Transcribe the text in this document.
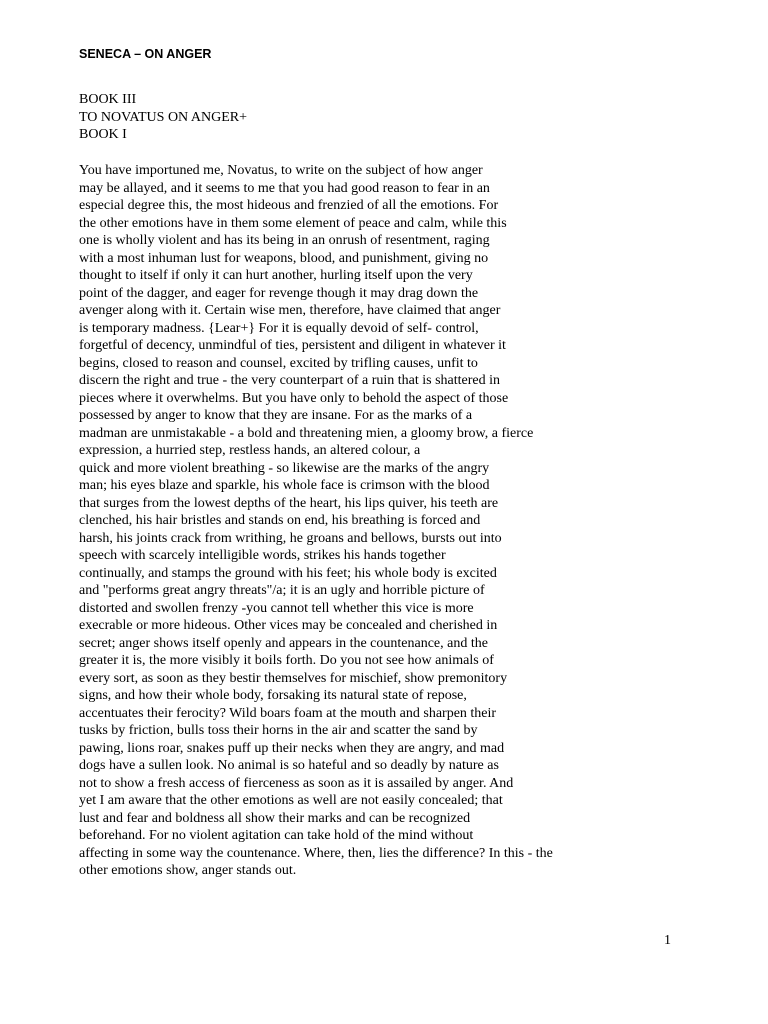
SENECA – ON ANGER
BOOK III
TO NOVATUS ON ANGER+
BOOK I
You have importuned me, Novatus, to write on the subject of how anger
may be allayed, and it seems to me that you had good reason to fear in an
especial degree this, the most hideous and frenzied of all the emotions. For
the other emotions have in them some element of peace and calm, while this
one is wholly violent and has its being in an onrush of resentment, raging
with a most inhuman lust for weapons, blood, and punishment, giving no
thought to itself if only it can hurt another, hurling itself upon the very
point of the dagger, and eager for revenge though it may drag down the
avenger along with it. Certain wise men, therefore, have claimed that anger
is temporary madness. {Lear+} For it is equally devoid of self- control,
forgetful of decency, unmindful of ties, persistent and diligent in whatever it
begins, closed to reason and counsel, excited by trifling causes, unfit to
discern the right and true - the very counterpart of a ruin that is shattered in
pieces where it overwhelms. But you have only to behold the aspect of those
possessed by anger to know that they are insane. For as the marks of a
madman are unmistakable - a bold and threatening mien, a gloomy brow, a fierce
expression, a hurried step, restless hands, an altered colour, a
quick and more violent breathing - so likewise are the marks of the angry
man; his eyes blaze and sparkle, his whole face is crimson with the blood
that surges from the lowest depths of the heart, his lips quiver, his teeth are
clenched, his hair bristles and stands on end, his breathing is forced and
harsh, his joints crack from writhing, he groans and bellows, bursts out into
speech with scarcely intelligible words, strikes his hands together
continually, and stamps the ground with his feet; his whole body is excited
and "performs great angry threats"/a; it is an ugly and horrible picture of
distorted and swollen frenzy -you cannot tell whether this vice is more
execrable or more hideous. Other vices may be concealed and cherished in
secret; anger shows itself openly and appears in the countenance, and the
greater it is, the more visibly it boils forth. Do you not see how animals of
every sort, as soon as they bestir themselves for mischief, show premonitory
signs, and how their whole body, forsaking its natural state of repose,
accentuates their ferocity? Wild boars foam at the mouth and sharpen their
tusks by friction, bulls toss their horns in the air and scatter the sand by
pawing, lions roar, snakes puff up their necks when they are angry, and mad
dogs have a sullen look. No animal is so hateful and so deadly by nature as
not to show a fresh access of fierceness as soon as it is assailed by anger. And
yet I am aware that the other emotions as well are not easily concealed; that
lust and fear and boldness all show their marks and can be recognized
beforehand. For no violent agitation can take hold of the mind without
affecting in some way the countenance. Where, then, lies the difference? In this - the
other emotions show, anger stands out.
1
